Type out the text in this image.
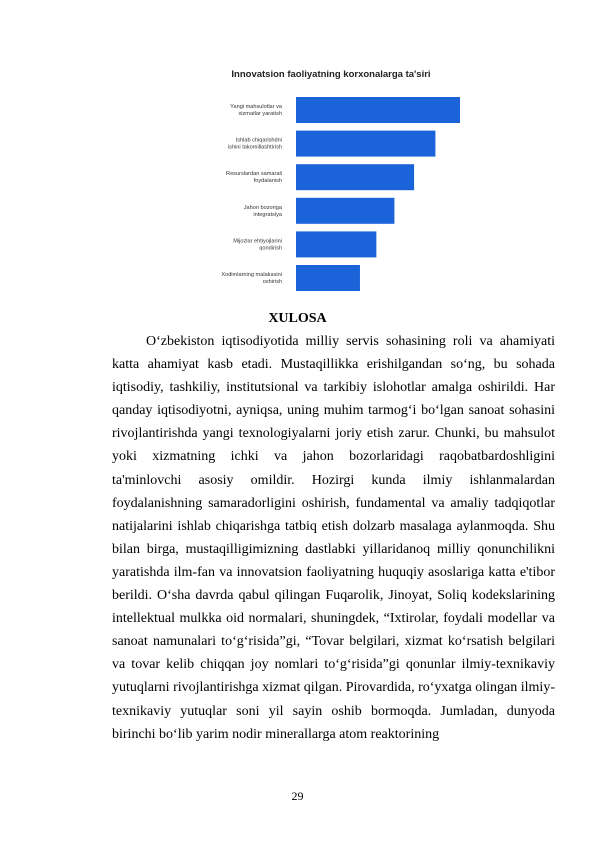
Innovatsion faoliyatning korxonalarga ta'siri
Yangi mahsulotlar va xizmatlar yaratish
Ishlab chiqarishdni ishini takomillashtirish
Resurslardan samarali foydalanish
Jahon bozoriga integratsiya
Mijozlar ehtiyojlarini qondirish
Xodimlarning malakasini oshirish
XULOSA

O‘zbekiston iqtisodiyotida milliy servis sohasining roli va ahamiyati katta ahamiyat kasb etadi. Mustaqillikka erishilgandan so‘ng, bu sohada iqtisodiy, tashkiliy, institutsional va tarkibiy islohotlar amalga oshirildi. Har qanday iqtisodiyotni, ayniqsa, uning muhim tarmog‘i bo‘lgan sanoat sohasini rivojlantirishda yangi texnologiyalarni joriy etish zarur. Chunki, bu mahsulot yoki xizmatning ichki va jahon bozorlaridagi raqobatbardoshligini ta'minlovchi asosiy omildir. Hozirgi kunda ilmiy ishlanmalardan foydalanishning samaradorligini oshirish, fundamental va amaliy tadqiqotlar natijalarini ishlab chiqarishga tatbiq etish dolzarb masalaga aylanmoqda. Shu bilan birga, mustaqilligimizning dastlabki yillaridanoq milliy qonunchilikni yaratishda ilm-fan va innovatsion faoliyatning huquqiy asoslariga katta e'tibor berildi. O‘sha davrda qabul qilingan Fuqarolik, Jinoyat, Soliq kodekslarining intellektual mulkka oid normalari, shuningdek, “Ixtirolar, foydali modellar va sanoat namunalari to‘g‘risida”gi, “Tovar belgilari, xizmat ko‘rsatish belgilari va tovar kelib chiqqan joy nomlari to‘g‘risida”gi qonunlar ilmiy-texnikaviy yutuqlarni rivojlantirishga xizmat qilgan. Pirovardida, ro‘yxatga olingan ilmiy-texnikaviy yutuqlar soni yil sayin oshib bormoqda. Jumladan, dunyoda birinchi bo‘lib yarim nodir minerallarga atom reaktorining

29
